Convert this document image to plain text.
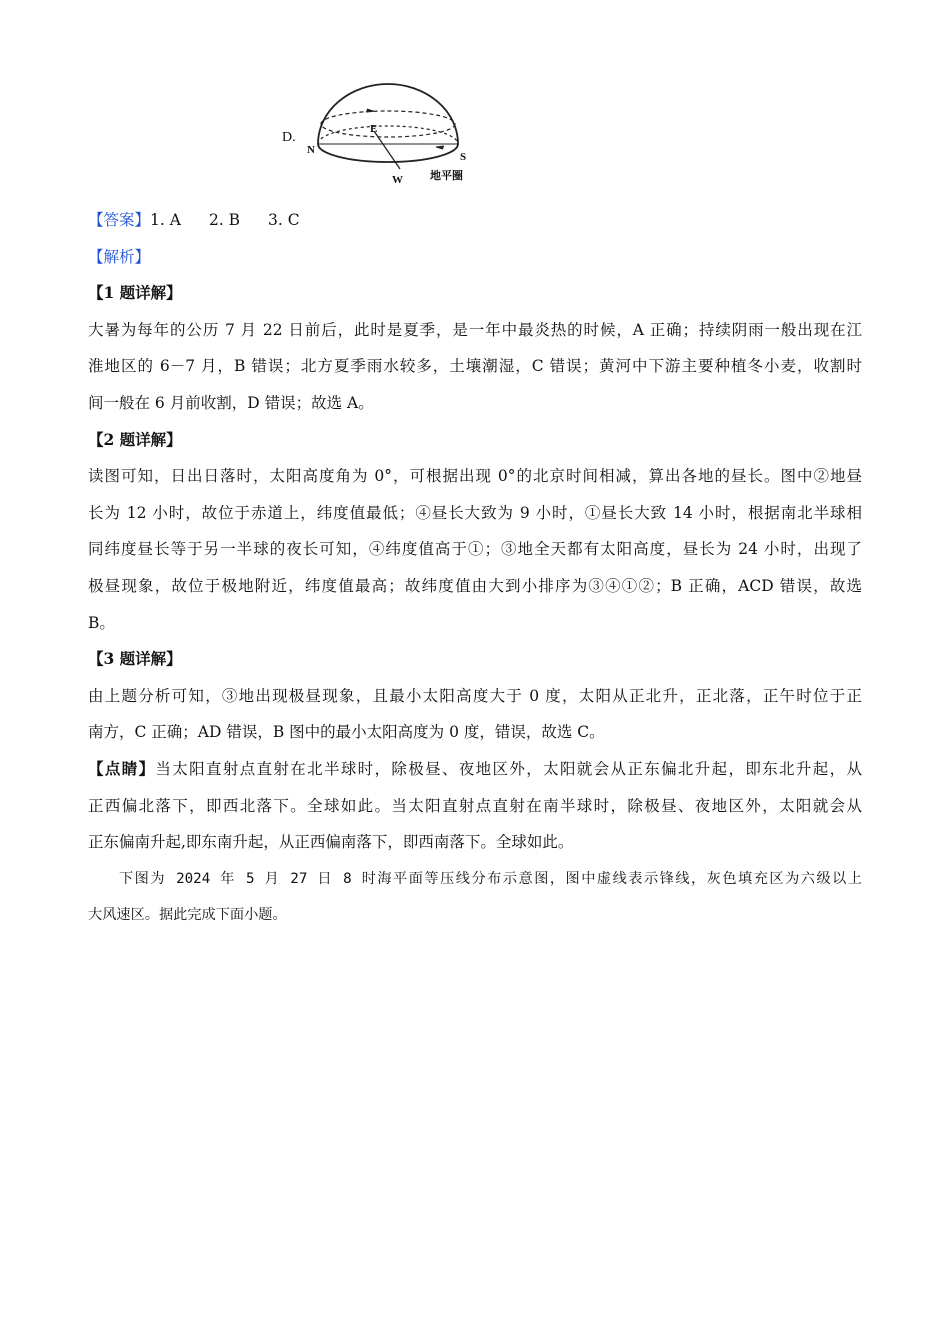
D.
N
S
E
W 地平圈
【答案】1. A 2. B 3. C
【解析】
【1 题详解】
大暑为每年的公历 7 月 22 日前后，此时是夏季，是一年中最炎热的时候，A 正确；持续阴雨一般出现在江
淮地区的 6－7 月，B 错误；北方夏季雨水较多，土壤潮湿，C 错误；黄河中下游主要种植冬小麦，收割时
间一般在 6 月前收割，D 错误；故选 A。
【2 题详解】
读图可知，日出日落时，太阳高度角为 0°，可根据出现 0°的北京时间相减，算出各地的昼长。图中②地昼
长为 12 小时，故位于赤道上，纬度值最低；④昼长大致为 9 小时，①昼长大致 14 小时，根据南北半球相
同纬度昼长等于另一半球的夜长可知，④纬度值高于①；③地全天都有太阳高度，昼长为 24 小时，出现了
极昼现象，故位于极地附近，纬度值最高；故纬度值由大到小排序为③④①②；B 正确，ACD 错误，故选
B。
【3 题详解】
由上题分析可知，③地出现极昼现象，且最小太阳高度大于 0 度，太阳从正北升，正北落，正午时位于正
南方，C 正确；AD 错误，B 图中的最小太阳高度为 0 度，错误，故选 C。
【点睛】当太阳直射点直射在北半球时，除极昼、夜地区外，太阳就会从正东偏北升起，即东北升起，从
正西偏北落下，即西北落下。全球如此。当太阳直射点直射在南半球时，除极昼、夜地区外，太阳就会从
正东偏南升起,即东南升起，从正西偏南落下，即西南落下。全球如此。
下图为 2024 年 5 月 27 日 8 时海平面等压线分布示意图，图中虚线表示锋线，灰色填充区为六级以上
大风速区。据此完成下面小题。
